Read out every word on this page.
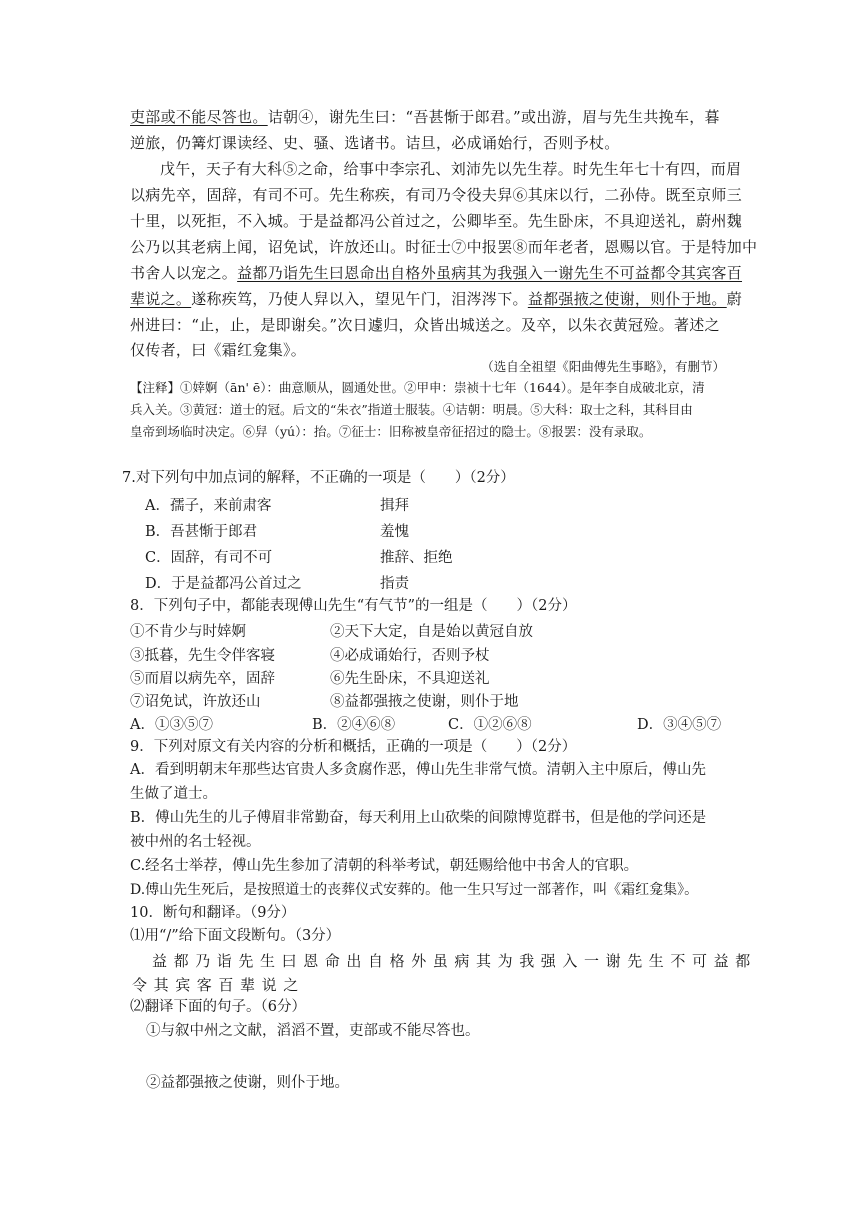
吏部或不能尽答也。诘朝④，谢先生曰：“吾甚惭于郎君。”或出游，眉与先生共挽车，暮
逆旅，仍篝灯课读经、史、骚、选诸书。诘旦，必成诵始行，否则予杖。
戊午，天子有大科⑤之命，给事中李宗孔、刘沛先以先生荐。时先生年七十有四，而眉
以病先卒，固辞，有司不可。先生称疾，有司乃令役夫舁⑥其床以行，二孙侍。既至京师三
十里，以死拒，不入城。于是益都冯公首过之，公卿毕至。先生卧床，不具迎送礼，蔚州魏
公乃以其老病上闻，诏免试，许放还山。时征士⑦中报罢⑧而年老者，恩赐以官。于是特加中
书舍人以宠之。益都乃诣先生曰恩命出自格外虽病其为我强入一谢先生不可益都令其宾客百
辈说之。遂称疾笃，乃使人舁以入，望见午门，泪涔涔下。益都强掖之使谢，则仆于地。蔚
州进曰：“止，止，是即谢矣。”次日遽归，众皆出城送之。及卒，以朱衣黄冠殓。著述之
仅传者，曰《霜红龛集》。
（选自全祖望《阳曲傅先生事略》，有删节）
【注释】①婞婀（ān' ē）：曲意顺从，圆通处世。②甲申：崇祯十七年（1644）。是年李自成破北京，清
兵入关。③黄冠：道士的冠。后文的“朱衣”指道士服装。④诘朝：明晨。⑤大科：取士之科，其科目由
皇帝到场临时决定。⑥舁（yú）：抬。⑦征士：旧称被皇帝征招过的隐士。⑧报罢：没有录取。
7.对下列句中加点词的解释，不正确的一项是（　　）（2分）
A．孺子，来前肃客	揖拜
B．吾甚惭于郎君	羞愧
C．固辞，有司不可	推辞、拒绝
D．于是益都冯公首过之	指责
8．下列句子中，都能表现傅山先生“有气节”的一组是（　　）（2分）
①不肯少与时婞婀	②天下大定，自是始以黄冠自放
③抵暮，先生令伴客寝	④必成诵始行，否则予杖
⑤而眉以病先卒，固辞	⑥先生卧床，不具迎送礼
⑦诏免试，许放还山	⑧益都强掖之使谢，则仆于地
A．①③⑤⑦	B．②④⑥⑧	C．①②⑥⑧	D．③④⑤⑦
9．下列对原文有关内容的分析和概括，正确的一项是（　　）（2分）
A．看到明朝末年那些达官贵人多贪腐作恶，傅山先生非常气愤。清朝入主中原后，傅山先
生做了道士。
B．傅山先生的儿子傅眉非常勤奋，每天利用上山砍柴的间隙博览群书，但是他的学问还是
被中州的名士轻视。
C.经名士举荐，傅山先生参加了清朝的科举考试，朝廷赐给他中书舍人的官职。
D.傅山先生死后，是按照道士的丧葬仪式安葬的。他一生只写过一部著作，叫《霜红龛集》。
10．断句和翻译。（9分）
⑴用“/”给下面文段断句。（3分）
益都乃诣先生曰恩命出自格外虽病其为我强入一谢先生不可益都
令其宾客百辈说之
⑵翻译下面的句子。（6分）
①与叙中州之文献，滔滔不置，吏部或不能尽答也。
②益都强掖之使谢，则仆于地。
